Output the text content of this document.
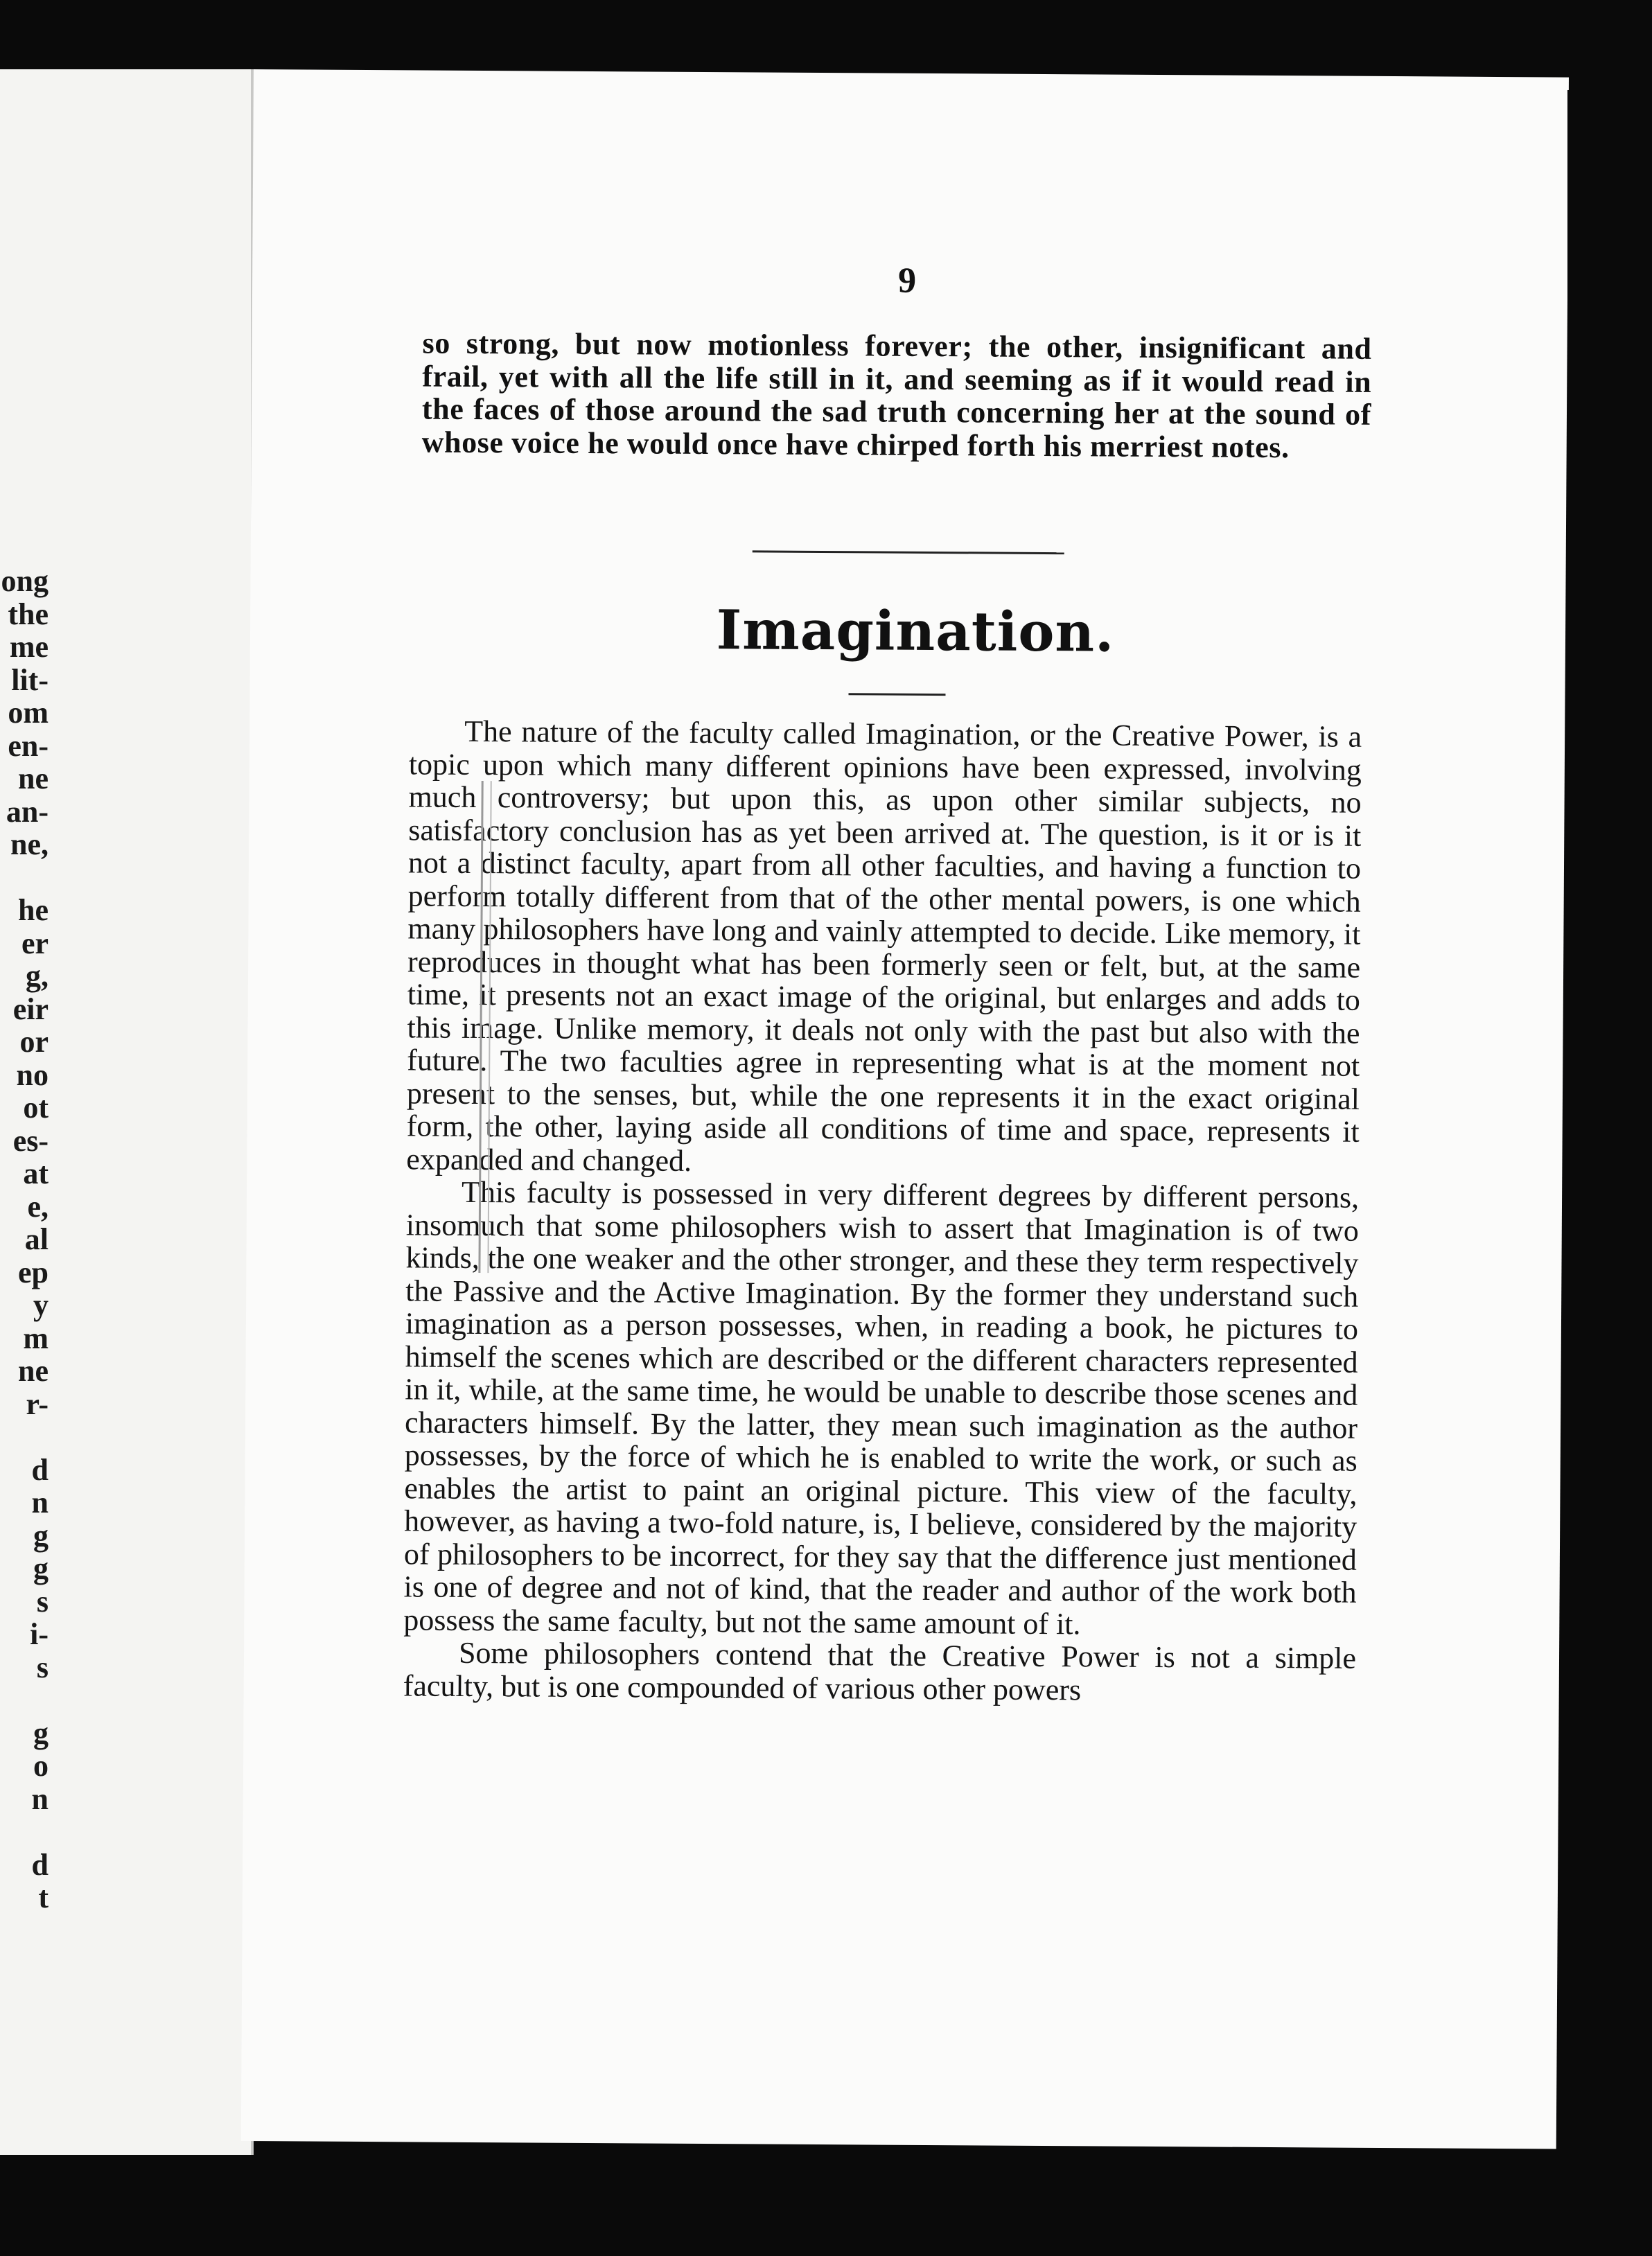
ong
the
me
lit-
om
en-
ne
an-
ne,
he
er
g,
eir
or
no
ot
es-
at
e,
al
ep
y
m
ne
r-
d
n
g
g
s
i-
s
g
o
n
d
t
9
so strong, but now motionless forever; the other, insignificant and frail, yet with all the life still in it, and seeming as if it would read in the faces of those around the sad truth concerning her at the sound of whose voice he would once have chirped forth his merriest notes.
Imagination.

The nature of the faculty called Imagination, or the Creative Power, is a topic upon which many different opinions have been expressed, involving much controversy; but upon this, as upon other similar subjects, no satisfactory conclusion has as yet been arrived at. The question, is it or is it not a distinct faculty, apart from all other faculties, and having a function to perform totally different from that of the other mental powers, is one which many philosophers have long and vainly attempted to decide. Like memory, it reproduces in thought what has been formerly seen or felt, but, at the same time, it presents not an exact image of the original, but enlarges and adds to this image. Unlike memory, it deals not only with the past but also with the future. The two faculties agree in representing what is at the moment not present to the senses, but, while the one represents it in the exact original form, the other, laying aside all conditions of time and space, represents it expanded and changed.

This faculty is possessed in very different degrees by different persons, insomuch that some philosophers wish to assert that Imagination is of two kinds, the one weaker and the other stronger, and these they term respectively the Passive and the Active Imagination. By the former they understand such imagination as a person possesses, when, in reading a book, he pictures to himself the scenes which are described or the different characters represented in it, while, at the same time, he would be unable to describe those scenes and characters himself. By the latter, they mean such imagination as the author possesses, by the force of which he is enabled to write the work, or such as enables the artist to paint an original picture. This view of the faculty, however, as having a two-fold nature, is, I believe, considered by the majority of philosophers to be incorrect, for they say that the difference just mentioned is one of degree and not of kind, that the reader and author of the work both possess the same faculty, but not the same amount of it.

Some philosophers contend that the Creative Power is not a simple faculty, but is one compounded of various other powers
